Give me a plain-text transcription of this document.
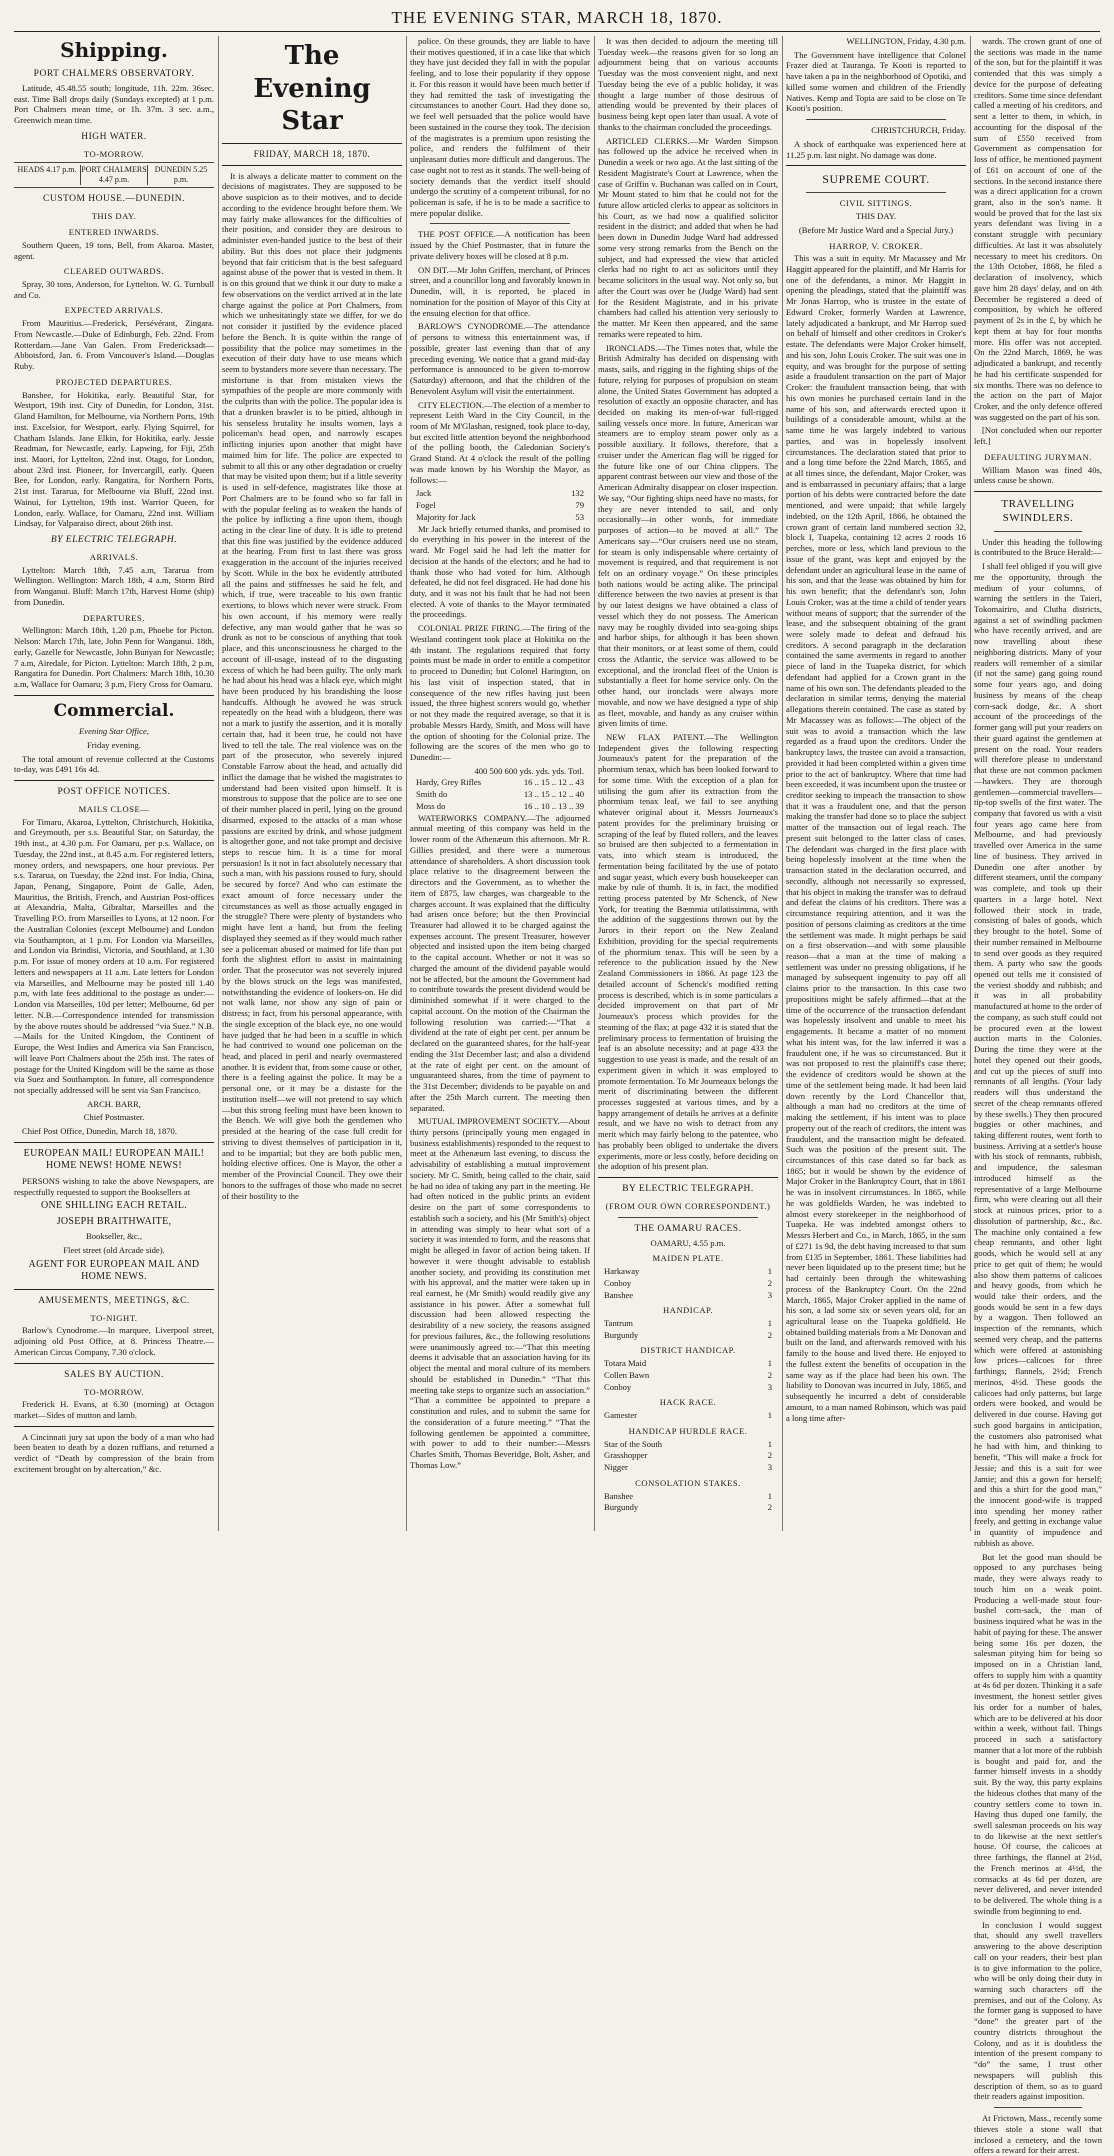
THE EVENING STAR, MARCH 18, 1870.
Shipping.
PORT CHALMERS OBSERVATORY.

Latitude, 45.48.55 south; longitude, 11h. 22m. 36sec. east. Time Ball drops daily (Sundays excepted) at 1 p.m. Port Chalmers mean time, or 1h. 37m. 3 sec. a.m., Greenwich mean time.

HIGH WATER.
TO-MORROW.
HEADS 4.17 p.m. PORT CHALMERS 4.47 p.m.
DUNEDIN 5.25 p.m.
CUSTOM HOUSE.—DUNEDIN.
THIS DAY.
ENTERED INWARDS.

Southern Queen, 19 tons, Bell, from Akaroa. Master, agent.

CLEARED OUTWARDS.

Spray, 30 tons, Anderson, for Lyttelton. W. G. Turnbull and Co.

EXPECTED ARRIVALS.

From Mauritius.—Frederick, Persévérant, Zingara. From Newcastle.—Duke of Edinburgh, Feb. 22nd. From Rotterdam.—Jane Van Galen. From Fredericksadt—Abbotsford, Jan. 6. From Vancouver's Island.—Douglas Ruby.

PROJECTED DEPARTURES.

Banshee, for Hokitika, early. Beautiful Star, for Westport, 19th inst. City of Dunedin, for London, 31st. Gland Hamilton, for Melbourne, via Northern Ports, 19th inst. Excelsior, for Westport, early. Flying Squirrel, for Chatham Islands. Jane Elkin, for Hokitika, early. Jessie Readman, for Newcastle, early. Lapwing, for Fiji, 25th inst. Maori, for Lyttelton, 22nd inst. Otago, for London, about 23rd inst. Pioneer, for Invercargill, early. Queen Bee, for London, early. Rangatira, for Northern Ports, 21st inst. Tararua, for Melbourne via Bluff, 22nd inst. Wainui, for Lyttelton, 19th inst. Warrior Queen, for London, early. Wallace, for Oamaru, 22nd inst. William Lindsay, for Valparaiso direct, about 26th inst.

BY ELECTRIC TELEGRAPH.
ARRIVALS.

Lyttelton: March 18th, 7.45 a.m, Tararua from Wellington. Wellington: March 18th, 4 a.m, Storm Bird from Wanganui. Bluff: March 17th, Harvest Home (ship) from Dunedin.

DEPARTURES.

Wellington: March 18th, 1.20 p.m, Phoebe for Picton. Nelson: March 17th, late, John Penn for Wanganui. 18th, early, Gazelle for Newcastle, John Bunyan for Newcastle; 7 a.m, Airedale, for Picton. Lyttelton: March 18th, 2 p.m, Rangatira for Dunedin. Port Chalmers: March 18th, 10.30 a.m, Wallace for Oamaru; 3 p.m, Fiery Cross for Oamaru.

Commercial.

Evening Star Office,

Friday evening.

The total amount of revenue collected at the Customs to-day, was £491 16s 4d.

POST OFFICE NOTICES.
MAILS CLOSE—

For Timaru, Akaroa, Lyttelton, Christchurch, Hokitika, and Greymouth, per s.s. Beautiful Star, on Saturday, the 19th inst., at 4.30 p.m. For Oamaru, per p.s. Wallace, on Tuesday, the 22nd inst., at 8.45 a.m. For registered letters, money orders, and newspapers, one hour previous. Per s.s. Tararua, on Tuesday, the 22nd inst. For India, China, Japan, Penang, Singapore, Point de Galle, Aden, Mauritius, the British, French, and Austrian Post-offices at Alexandria, Malta, Gibraltar, Marseilles and the Travelling P.O. from Marseilles to Lyons, at 12 noon. For the Australian Colonies (except Melbourne) and London via Southampton, at 1 p.m. For London via Marseilles, and London via Brindisi, Victoria, and Southland, at 1.30 p.m. For issue of money orders at 10 a.m. For registered letters and newspapers at 11 a.m. Late letters for London via Marseilles, and Melbourne may be posted till 1.40 p.m, with late fees additional to the postage as under:—London via Marseilles, 10d per letter; Melbourne, 6d per letter. N.B.—Correspondence intended for transmission by the above routes should be addressed “via Suez.” N.B.—Mails for the United Kingdom, the Continent of Europe, the West Indies and America via San Francisco, will leave Port Chalmers about the 25th inst. The rates of postage for the United Kingdom will be the same as those via Suez and Southampton. In future, all correspondence not specially addressed will be sent via San Francisco.

ARCH. BARR,

Chief Postmaster.

Chief Post Office, Dunedin, March 18, 1870.

EUROPEAN MAIL! EUROPEAN MAIL! HOME NEWS! HOME NEWS!

PERSONS wishing to take the above Newspapers, are respectfully requested to support the Booksellers at

ONE SHILLING EACH RETAIL.
JOSEPH BRAITHWAITE,

Bookseller, &c.,

Fleet street (old Arcade side).

AGENT FOR EUROPEAN MAIL AND HOME NEWS.
AMUSEMENTS, MEETINGS, &C.
TO-NIGHT.

Barlow's Cynodrome.—In marquee, Liverpool street, adjoining old Post Office, at 8. Princess Theatre.—American Circus Company, 7.30 o'clock.

SALES BY AUCTION.
TO-MORROW.

Frederick H. Evans, at 6.30 (morning) at Octagon market—Sides of mutton and lamb.

A Cincinnati jury sat upon the body of a man who had been beaten to death by a dozen ruffians, and returned a verdict of “Death by compression of the brain from excitement brought on by altercation,” &c.

The Evening Star
FRIDAY, MARCH 18, 1870.

It is always a delicate matter to comment on the decisions of magistrates. They are supposed to be above suspicion as to their motives, and to decide according to the evidence brought before them. We may fairly make allowances for the difficulties of their position, and consider they are desirous to administer even-handed justice to the best of their ability. But this does not place their judgments beyond that fair criticism that is the best safeguard against abuse of the power that is vested in them. It is on this ground that we think it our duty to make a few observations on the verdict arrived at in the late charge against the police at Port Chalmers, from which we unhesitatingly state we differ, for we do not consider it justified by the evidence placed before the Bench. It is quite within the range of possibility that the police may sometimes in the execution of their duty have to use means which seem to bystanders more severe than necessary. The misfortune is that from mistaken views the sympathies of the people are more commonly with the culprits than with the police. The popular idea is that a drunken brawler is to be pitied, although in his senseless brutality he insults women, lays a policeman's head open, and narrowly escapes inflicting injuries upon another that might have maimed him for life. The police are expected to submit to all this or any other degradation or cruelty that may be visited upon them; but if a little severity is used in self-defence, magistrates like those at Port Chalmers are to be found who so far fall in with the popular feeling as to weaken the hands of the police by inflicting a fine upon them, though acting in the clear line of duty. It is idle to pretend that this fine was justified by the evidence adduced at the hearing. From first to last there was gross exaggeration in the account of the injuries received by Scott. While in the box he evidently attributed all the pains and stiffnesses he said he felt, and which, if true, were traceable to his own frantic exertions, to blows which never were struck. From his own account, if his memory were really defective, any man would gather that he was so drunk as not to be conscious of anything that took place, and this unconsciousness he charged to the account of ill-usage, instead of to the disgusting excess of which he had been guilty. The only mark he had about his head was a black eye, which might have been produced by his brandishing the loose handcuffs. Although he avowed he was struck repeatedly on the head with a bludgeon, there was not a mark to justify the assertion, and it is morally certain that, had it been true, he could not have lived to tell the tale. The real violence was on the part of the prosecutor, who severely injured Constable Farrow about the head, and actually did inflict the damage that he wished the magistrates to understand had been visited upon himself. It is monstrous to suppose that the police are to see one of their number placed in peril, lying on the ground disarmed, exposed to the attacks of a man whose passions are excited by drink, and whose judgment is altogether gone, and not take prompt and decisive steps to rescue him. It is a time for moral persuasion! Is it not in fact absolutely necessary that such a man, with his passions roused to fury, should be secured by force? And who can estimate the exact amount of force necessary under the circumstances as well as those actually engaged in the struggle? There were plenty of bystanders who might have lent a hand, but from the feeling displayed they seemed as if they would much rather see a policeman abused or maimed for life than put forth the slightest effort to assist in maintaining order. That the prosecutor was not severely injured by the blows struck on the legs was manifested, notwithstanding the evidence of lookers-on. He did not walk lame, nor show any sign of pain or distress; in fact, from his personal appearance, with the single exception of the black eye, no one would have judged that he had been in a scuffle in which he had contrived to wound one policeman on the head, and placed in peril and nearly overmastered another. It is evident that, from some cause or other, there is a feeling against the police. It may be a personal one, or it may be a distaste for the institution itself—we will not pretend to say which—but this strong feeling must have been known to the Bench. We will give both the gentlemen who presided at the hearing of the case full credit for striving to divest themselves of participation in it, and to be impartial; but they are both public men, holding elective offices. One is Mayor, the other a member of the Provincial Council. They owe their honors to the suffrages of those who made no secret of their hostility to the

police. On these grounds, they are liable to have their motives questioned, if in a case like that which they have just decided they fall in with the popular feeling, and to lose their popularity if they oppose it. For this reason it would have been much better if they had remitted the task of investigating the circumstances to another Court. Had they done so, we feel well persuaded that the police would have been sustained in the course they took. The decision of the magistrates is a premium upon resisting the police, and renders the fulfilment of their unpleasant duties more difficult and dangerous. The case ought not to rest as it stands. The well-being of society demands that the verdict itself should undergo the scrutiny of a competent tribunal, for no policeman is safe, if he is to be made a sacrifice to mere popular dislike.

THE POST OFFICE.—A notification has been issued by the Chief Postmaster, that in future the private delivery boxes will be closed at 8 p.m.

ON DIT.—Mr John Griffen, merchant, of Princes street, and a councillor long and favorably known in Dunedin, will, it is reported, be placed in nomination for the position of Mayor of this City at the ensuing election for that office.

BARLOW'S CYNODROME.—The attendance of persons to witness this entertainment was, if possible, greater last evening than that of any preceding evening. We notice that a grand mid-day performance is announced to be given to-morrow (Saturday) afternoon, and that the children of the Benevolent Asylum will visit the entertainment.

CITY ELECTION.—The election of a member to represent Leith Ward in the City Council, in the room of Mr M'Glashan, resigned, took place to-day, but excited little attention beyond the neighborhood of the polling booth, the Caledonian Society's Grand Stand. At 4 o'clock the result of the polling was made known by his Worship the Mayor, as follows:—

Jack	132
Fogel	79
Majority for Jack	53

Mr Jack briefly returned thanks, and promised to do everything in his power in the interest of the ward. Mr Fogel said he had left the matter for decision at the hands of the electors; and he had to thank those who had voted for him. Although defeated, he did not feel disgraced. He had done his duty, and it was not his fault that he had not been elected. A vote of thanks to the Mayor terminated the proceedings.

COLONIAL PRIZE FIRING.—The firing of the Westland contingent took place at Hokitika on the 4th instant. The regulations required that forty points must be made in order to entitle a competitor to proceed to Dunedin; but Colonel Harington, on his last visit of inspection stated, that in consequence of the new rifles having just been issued, the three highest scorers would go, whether or not they made the required average, so that it is probable Messrs Hardy, Smith, and Moss will have the option of shooting for the Colonial prize. The following are the scores of the men who go to Dunedin:—

400 500 600 yds. yds. yds. Totl.
Hardy, Grey Rifles	16 .. 15 .. 12 .. 43
Smith do	13 .. 15 .. 12 .. 40
Moss do	16 .. 10 .. 13 .. 39

WATERWORKS COMPANY.—The adjourned annual meeting of this company was held in the lower room of the Athenæum this afternoon. Mr R. Gillies presided, and there were a numerous attendance of shareholders. A short discussion took place relative to the disagreement between the directors and the Government, as to whether the item of £875, law charges, was chargeable to the charges account. It was explained that the difficulty had arisen once before; but the then Provincial Treasurer had allowed it to be charged against the expenses account. The present Treasurer, however objected and insisted upon the item being charged to the capital account. Whether or not it was so charged the amount of the dividend payable would not be affected, but the amount the Government had to contribute towards the present dividend would be diminished somewhat if it were charged to the capital account. On the motion of the Chairman the following resolution was carried:—“That a dividend at the rate of eight per cent. per annum be declared on the guaranteed shares, for the half-year ending the 31st December last; and also a dividend at the rate of eight per cent. on the amount of unguaranteed shares, from the time of payment to the 31st December; dividends to be payable on and after the 25th March current. The meeting then separated.

MUTUAL IMPROVEMENT SOCIETY.—About thirty persons (principally young men engaged in business establishments) responded to the request to meet at the Athenæum last evening, to discuss the advisability of establishing a mutual improvement society. Mr C. Smith, being called to the chair, said he had no idea of taking any part in the meeting. He had often noticed in the public prints an evident desire on the part of some correspondents to establish such a society, and his (Mr Smith's) object in attending was simply to hear what sort of a society it was intended to form, and the reasons that might be alleged in favor of action being taken. If however it were thought advisable to establish another society, and providing its constitution met with his approval, and the matter were taken up in real earnest, he (Mr Smith) would readily give any assistance in his power. After a somewhat full discussion had been allowed respecting the desirability of a new society, the reasons assigned for previous failures, &c., the following resolutions were unanimously agreed to:—“That this meeting deems it advisable that an association having for its object the mental and moral culture of its members should be established in Dunedin.” “That this meeting take steps to organize such an association.” “That a committee be appointed to prepare a constitution and rules, and to submit the same for the consideration of a future meeting.” “That the following gentlemen be appointed a committee, with power to add to their number:—Messrs Charles Smith, Thomas Beveridge, Bolt, Asher, and Thomas Low.”

It was then decided to adjourn the meeting till Tuesday week—the reasons given for so long an adjournment being that on various accounts Tuesday was the most convenient night, and next Tuesday being the eve of a public holiday, it was thought a large number of those desirous of attending would be prevented by their places of business being kept open later than usual. A vote of thanks to the chairman concluded the proceedings.

ARTICLED CLERKS.—Mr Warden Simpson has followed up the advice he received when in Dunedin a week or two ago. At the last sitting of the Resident Magistrate's Court at Lawrence, when the case of Griffin v. Buchanan was called on in Court, Mr Mount stated to him that he could not for the future allow articled clerks to appear as solicitors in his Court, as we had now a qualified solicitor resident in the district; and added that when he had been down in Dunedin Judge Ward had addressed some very strong remarks from the Bench on the subject, and had expressed the view that articled clerks had no right to act as solicitors until they became solicitors in the usual way. Not only so, but after the Court was over he (Judge Ward) had sent for the Resident Magistrate, and in his private chambers had called his attention very seriously to the matter. Mr Keen then appeared, and the same remarks were repeated to him.

IRONCLADS.—The Times notes that, while the British Admiralty has decided on dispensing with masts, sails, and rigging in the fighting ships of the future, relying for purposes of propulsion on steam alone, the United States Government has adopted a resolution of exactly an opposite character, and has decided on making its men-of-war full-rigged sailing vessels once more. In future, American war steamers are to employ steam power only as a possible auxiliary. It follows, therefore, that a cruiser under the American flag will be rigged for the future like one of our China clippers. The apparent contrast between our view and those of the American Admiralty disappear on closer inspection. We say, “Our fighting ships need have no masts, for they are never intended to sail, and only occasionally—in other words, for immediate purposes of action—to be moved at all.” The Americans say—“Our cruisers need use no steam, for steam is only indispensable where certainty of movement is required, and that requirement is not felt on an ordinary voyage.” On these principles both nations would be acting alike. The principal difference between the two navies at present is that by our latest designs we have obtained a class of vessel which they do not possess. The American navy may be roughly divided into sea-going ships and harbor ships, for although it has been shown that their monitors, or at least some of them, could cross the Atlantic, the service was allowed to be exceptional, and the ironclad fleet of the Union is substantially a fleet for home service only. On the other hand, our ironclads were always more movable, and now we have designed a type of ship as fleet, movable, and handy as any cruiser within given limits of time.

NEW FLAX PATENT.—The Wellington Independent gives the following respecting Journeaux's patent for the preparation of the phormium tenax, which has been looked forward to for some time. With the exception of a plan for utilising the gum after its extraction from the phormium tenax leaf, we fail to see anything whatever original about it. Messrs Journeaux's patent provides for the preliminary bruising or scraping of the leaf by fluted rollers, and the leaves so bruised are then subjected to a fermentation in vats, into which steam is introduced, the fermentation being facilitated by the use of potato and sugar yeast, which every bush housekeeper can make by rule of thumb. It is, in fact, the modified retting process patented by Mr Schenck, of New York, for treating the Bæmmia utilatissimma, with the addition of the suggestions thrown out by the Jurors in their report on the New Zealand Exhibition, providing for the special requirements of the phormium tenax. This will be seen by a reference to the publication issued by the New Zealand Commissioners in 1866. At page 123 the detailed account of Schenck's modified retting process is described, which is in some particulars a decided improvement on that part of Mr Journeaux's process which provides for the steaming of the flax; at page 432 it is stated that the preliminary process to fermentation of bruising the leaf is an absolute necessity; and at page 433 the suggestion to use yeast is made, and the result of an experiment given in which it was employed to promote fermentation. To Mr Journeaux belongs the merit of discriminating between the different processes suggested at various times, and by a happy arrangement of details he arrives at a definite result, and we have no wish to detract from any merit which may fairly belong to the patentee, who has probably been obliged to undertake the divers experiments, more or less costly, before deciding on the adoption of his present plan.

BY ELECTRIC TELEGRAPH.
(FROM OUR OWN CORRESPONDENT.)
THE OAMARU RACES.

OAMARU, 4.55 p.m.

MAIDEN PLATE.
Harkaway	1
Conboy	2
Banshee	3
HANDICAP.
Tantrum	1
Burgundy	2
DISTRICT HANDICAP.
Totara Maid	1
Collen Bawn	2
Conboy	3
HACK RACE.
Gamester	1
HANDICAP HURDLE RACE.
Star of the South	1
Grasshopper	2
Nigger	3
CONSOLATION STAKES.
Banshee	1
Burgundy	2

WELLINGTON, Friday, 4.30 p.m.

The Government have intelligence that Colonel Frazer died at Tauranga. Te Kooti is reported to have taken a pa in the neighborhood of Opotiki, and killed some women and children of the Friendly Natives. Kemp and Topia are said to be close on Te Kooti's position.

CHRISTCHURCH, Friday.

A shock of earthquake was experienced here at 11.25 p.m. last night. No damage was done.

SUPREME COURT.
CIVIL SITTINGS.

THIS DAY.

(Before Mr Justice Ward and a Special Jury.)

HARROP, V. CROKER.

This was a suit in equity. Mr Macassey and Mr Haggitt appeared for the plaintiff, and Mr Harris for one of the defendants, a minor. Mr Haggitt in opening the pleadings, stated that the plaintiff was Mr Jonas Harrop, who is trustee in the estate of Edward Croker, formerly Warden at Lawrence, lately adjudicated a bankrupt, and Mr Harrop sued on behalf of himself and other creditors in Croker's estate. The defendants were Major Croker himself, and his son, John Louis Croker. The suit was one in equity, and was brought for the purpose of setting aside a fraudulent transaction on the part of Major Croker: the fraudulent transaction being, that with his own monies he purchased certain land in the name of his son, and afterwards erected upon it buildings of a considerable amount, whilst at the same time he was largely indebted to various parties, and was in hopelessly insolvent circumstances. The declaration stated that prior to and a long time before the 22nd March, 1865, and at all times since, the defendant, Major Croker, was and is embarrassed in pecuniary affairs; that a large portion of his debts were contracted before the date mentioned, and were unpaid; that while largely indebted, on the 12th April, 1866, he obtained the crown grant of certain land numbered section 32, block I, Tuapeka, containing 12 acres 2 roods 16 perches, more or less, which land previous to the issue of the grant, was kept and enjoyed by the defendant under an agricultural lease in the name of his son, and that the lease was obtained by him for his own benefit; that the defendant's son, John Louis Croker, was at the time a child of tender years without means of support; that the surrender of the lease, and the subsequent obtaining of the grant were solely made to defeat and defraud his creditors. A second paragraph in the declaration contained the same averments in regard to another piece of land in the Tuapeka district, for which defendant had applied for a Crown grant in the name of his own son. The defendants pleaded to the declaration in similar terms, denying the material allegations therein contained. The case as stated by Mr Macassey was as follows:—The object of the suit was to avoid a transaction which the law regarded as a fraud upon the creditors. Under the bankruptcy laws, the trustee can avoid a transaction, provided it had been completed within a given time prior to the act of bankruptcy. Where that time had been exceeded, it was incumbent upon the trustee or creditor seeking to impeach the transaction to show that it was a fraudulent one, and that the person making the transfer had done so to place the subject matter of the transaction out of legal reach. The present suit belonged to the latter class of cases. The defendant was charged in the first place with being hopelessly insolvent at the time when the transaction stated in the declaration occurred, and secondly, although not necessarily so expressed, that his object in making the transfer was to defraud and defeat the claims of his creditors. There was a circumstance requiring attention, and it was the position of persons claiming as creditors at the time the settlement was made. It might perhaps be said on a first observation—and with some plausible reason—that a man at the time of making a settlement was under no pressing obligations, if he managed by subsequent ingenuity to pay off all claims prior to the transaction. In this case two propositions might be safely affirmed—that at the time of the occurrence of the transaction defendant was hopelessly insolvent and unable to meet his engagements. It became a matter of no moment what his intent was, for the law inferred it was a fraudulent one, if he was so circumstanced. But it was not proposed to rest the plaintiff's case there; the evidence of creditors would be shown at the time of the settlement being made. It had been laid down recently by the Lord Chancellor that, although a man had no creditors at the time of making the settlement, if his intent was to place property out of the reach of creditors, the intent was fraudulent, and the transaction might be defeated. Such was the position of the present suit. The circumstances of this case dated so far back as 1865; but it would be shown by the evidence of Major Croker in the Bankruptcy Court, that in 1861 he was in insolvent circumstances. In 1865, while he was goldfields Warden, he was indebted to almost every storekeeper in the neighborhood of Tuapeka. He was indebted amongst others to Messrs Herbert and Co., in March, 1865, in the sum of £271 1s 9d, the debt having increased to that sum from £135 in September, 1861. These liabilities had never been liquidated up to the present time; but he had certainly been through the whitewashing process of the Bankruptcy Court. On the 22nd March, 1865, Major Croker applied in the name of his son, a lad some six or seven years old, for an agricultural lease on the Tuapeka goldfield. He obtained building materials from a Mr Donovan and built on the land, and afterwards removed with his family to the house and lived there. He enjoyed to the fullest extent the benefits of occupation in the same way as if the place had been his own. The liability to Donovan was incurred in July, 1865, and subsequently he incurred a debt of considerable amount, to a man named Robinson, which was paid a long time after-

wards. The crown grant of one of the sections was made in the name of the son, but for the plaintiff it was contended that this was simply a device for the purpose of defeating creditors. Some time since defendant called a meeting of his creditors, and sent a letter to them, in which, in accounting for the disposal of the sum of £550 received from Government as compensation for loss of office, he mentioned payment of £61 on account of one of the sections. In the second instance there was a direct application for a crown grant, also in the son's name. It would be proved that for the last six years defendant was living in a constant struggle with pecuniary difficulties. At last it was absolutely necessary to meet his creditors. On the 13th October, 1868, he filed a declaration of insolvency, which gave him 28 days' delay, and on 4th December he registered a deed of composition, by which he offered payment of 2s in the £, by which he kept them at bay for four months more. His offer was not accepted. On the 22nd March, 1869, he was adjudicated a bankrupt, and recently he had his certificate suspended for six months. There was no defence to the action on the part of Major Croker, and the only defence offered was suggested on the part of his son.

[Not concluded when our reporter left.]

DEFAULTING JURYMAN.

William Mason was fined 40s, unless cause be shown.

TRAVELLING SWINDLERS.

Under this heading the following is contributed to the Bruce Herald:—

I shall feel obliged if you will give me the opportunity, through the medium of your columns, of warning the settlers in the Taieri, Tokomairiro, and Clutha districts, against a set of swindling packmen who have recently arrived, and are now travelling about these neighboring districts. Many of your readers will remember of a similar (if not the same) gang going round some four years ago, and doing business by means of the cheap corn-sack dodge, &c. A short account of the proceedings of the former gang will put your readers on their guard against the gentlemen at present on the road. Your readers will therefore please to understand that these are not common packmen—hawkers. They are thorough gentlemen—commercial travellers—tip-top swells of the first water. The company that favored us with a visit four years ago came here from Melbourne, and had previously travelled over America in the same line of business. They arrived in Dunedin one after another by different steamers, until the company was complete, and took up their quarters in a large hotel. Next followed their stock in trade, consisting of bales of goods, which they brought to the hotel. Some of their number remained in Melbourne to send over goods as they required them. A party who saw the goods opened out tells me it consisted of the veriest shoddy and rubbish; and it was in all probability manufactured at home to the order of the company, as such stuff could not be procured even at the lowest auction marts in the Colonies. During the time they were at the hotel they opened out their goods, and cut up the pieces of stuff into remnants of all lengths. (Your lady readers will thus understand the secret of the cheap remnants offered by these swells.) They then procured buggies or other machines, and taking different routes, went forth to business. Arriving at a settler's house with his stock of remnants, rubbish, and impudence, the salesman introduced himself as the representative of a large Melbourne firm, who were clearing out all their stock at ruinous prices, prior to a dissolution of partnership, &c., &c. The machine only contained a few cheap remnants, and other light goods, which he would sell at any price to get quit of them; he would also show them patterns of calicoes and heavy goods, from which he would take their orders, and the goods would be sent in a few days by a waggon. Then followed an inspection of the remnants, which seemed very cheap, and the patterns which were offered at astonishing low prices—calicoes for three farthings; flannels, 2½d; French merinos, 4½d. These goods the calicoes had only patterns, but large orders were booked, and would be delivered in due course. Having got such good bargains in anticipation, the customers also patronised what he had with him, and thinking to benefit, “This will make a frock for Jessie; and this is a suit for wee Jamie; and this a gown for herself; and this a shirt for the good man,” the innocent good-wife is trapped into spending her money rather freely, and getting in exchange value in quantity of impudence and rubbish as above.

But let the good man should be opposed to any purchases being made, they were always ready to touch him on a weak point. Producing a well-made stout four-bushel corn-sack, the man of business inquired what he was in the habit of paying for these. The answer being some 16s per dozen, the salesman pitying him for being so imposed on in a Christian land, offers to supply him with a quantity at 4s 6d per dozen. Thinking it a safe investment, the honest settler gives his order for a number of bales, which are to be delivered at his door within a week, without fail. Things proceed in such a satisfactory manner that a lot more of the rubbish is bought and paid for, and the farmer himself invests in a shoddy suit. By the way, this party explains the hideous clothes that many of the country settlers come to town in. Having thus duped one family, the swell salesman proceeds on his way to do likewise at the next settler's house. Of course, the calicoes at three farthings, the flannel at 2½d, the French merinos at 4½d, the cornsacks at 4s 6d per dozen, are never delivered, and never intended to be delivered. The whole thing is a swindle from beginning to end.

In conclusion I would suggest that, should any swell travellers answering to the above description call on your readers, their best plan is to give information to the police, who will be only doing their duty in warning such characters off the premises, and out of the Colony. As the former gang is supposed to have “done” the greater part of the country districts throughout the Colony, and as it is doubtless the intention of the present company to “do” the same, I trust other newspapers will publish this description of them, so as to guard their readers against imposition.

At Frictown, Mass., recently some thieves stole a stone wall that inclosed a cemetery, and the town offers a reward for their arrest.
